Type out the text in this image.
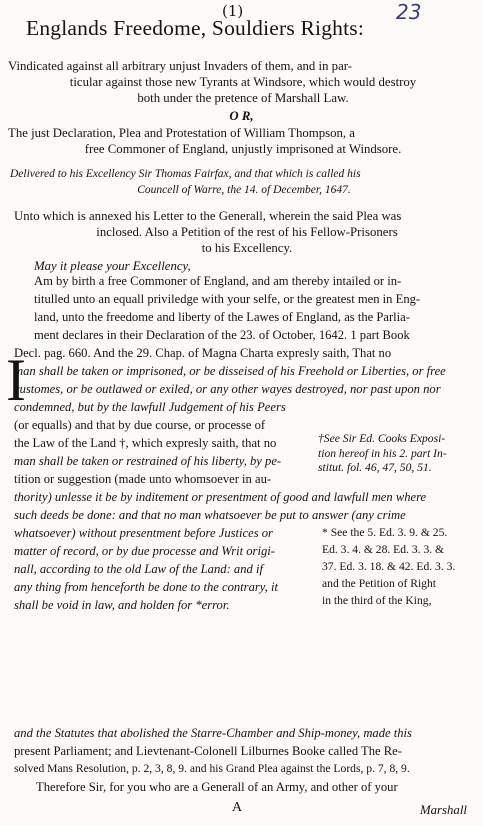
(1)	23
Englands Freedome, Souldiers Rights:
Vindicated against all arbitrary unjust Invaders of them, and in par-
ticular against those new Tyrants at Windsore, which would destroy
both under the pretence of Marshall Law.
O R,
The just Declaration, Plea and Protestation of William Thompson, a
free Commoner of England, unjustly imprisoned at Windsore.
Delivered to his Excellency Sir Thomas Fairfax, and that which is called his
Councell of Warre, the 14. of December, 1647.
Unto which is annexed his Letter to the Generall, wherein the said Plea was
inclosed. Also a Petition of the rest of his Fellow-Prisoners
to his Excellency.
May it please your Excellency,
I
Am by birth a free Commoner of England, and am thereby intailed or in-
titulled unto an equall priviledge with your selfe, or the greatest men in Eng-
land, unto the freedome and liberty of the Lawes of England, as the Parlia-
ment declares in their Declaration of the 23. of October, 1642. 1 part Book
Decl. pag. 660. And the 29. Chap. of Magna Charta expresly saith, That no
man shall be taken or imprisoned, or be disseised of his Freehold or Liberties, or free
customes, or be outlawed or exiled, or any other wayes destroyed, nor past upon nor
condemned, but by the lawfull Judgement of his Peers
(or equalls) and that by due course, or processe of
the Law of the Land †, which expresly saith, that no
man shall be taken or restrained of his liberty, by pe-
tition or suggestion (made unto whomsoever in au-
†See Sir Ed. Cooks Exposi-
tion hereof in his 2. part In-
stitut. fol. 46, 47, 50, 51.
thority) unlesse it be by inditement or presentment of good and lawfull men where
such deeds be done: and that no man whatsoever be put to answer (any crime
whatsoever) without presentment before Justices or
matter of record, or by due processe and Writ origi-
nall, according to the old Law of the Land: and if
any thing from henceforth be done to the contrary, it
shall be void in law, and holden for *error.
* See the 5. Ed. 3. 9. & 25.
Ed. 3. 4. & 28. Ed. 3. 3. &
37. Ed. 3. 18. & 42. Ed. 3. 3.
and the Petition of Right
in the third of the King,
and the Statutes that abolished the Starre-Chamber and Ship-money, made this
present Parliament; and Lievtenant-Colonell Lilburnes Booke called The Re-
solved Mans Resolution, p. 2, 3, 8, 9. and his Grand Plea against the Lords, p. 7, 8, 9.
Therefore Sir, for you who are a Generall of an Army, and other of your
A	Marshall
